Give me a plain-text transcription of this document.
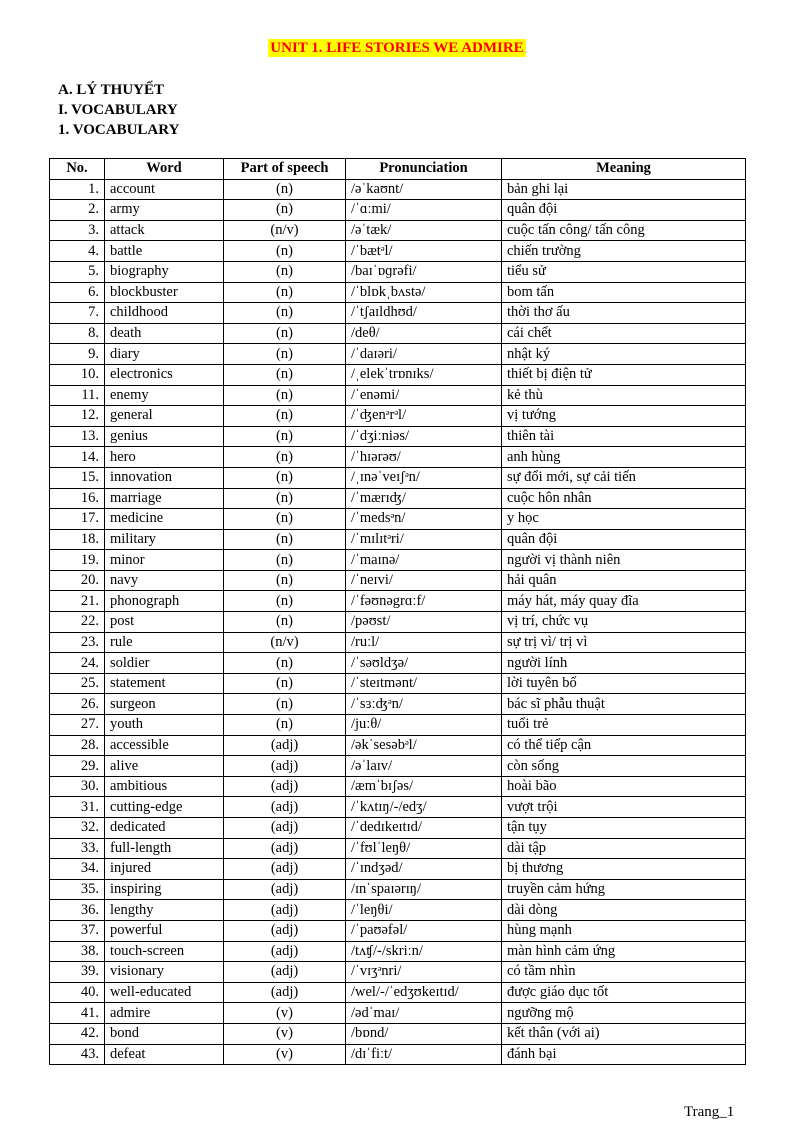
UNIT 1. LIFE STORIES WE ADMIRE
A. LÝ THUYẾT
I. VOCABULARY
1. VOCABULARY
No.	Word	Part of speech	Pronunciation	Meaning
1.	account	(n)	/əˈkaʊnt/	bản ghi lại
2.	army	(n)	/ˈɑːmi/	quân đội
3.	attack	(n/v)	/əˈtæk/	cuộc tấn công/ tấn công
4.	battle	(n)	/ˈbætᵊl/	chiến trường
5.	biography	(n)	/baɪˈɒɡrəfi/	tiểu sử
6.	blockbuster	(n)	/ˈblɒkˌbʌstə/	bom tấn
7.	childhood	(n)	/ˈtʃaɪldhʊd/	thời thơ ấu
8.	death	(n)	/deθ/	cái chết
9.	diary	(n)	/ˈdaɪəri/	nhật ký
10.	electronics	(n)	/ˌelekˈtrɒnɪks/	thiết bị điện tử
11.	enemy	(n)	/ˈenəmi/	kẻ thù
12.	general	(n)	/ˈʤenᵊrᵊl/	vị tướng
13.	genius	(n)	/ˈdʒiːniəs/	thiên tài
14.	hero	(n)	/ˈhɪərəʊ/	anh hùng
15.	innovation	(n)	/ˌɪnəˈveɪʃᵊn/	sự đổi mới, sự cải tiến
16.	marriage	(n)	/ˈmærɪʤ/	cuộc hôn nhân
17.	medicine	(n)	/ˈmedsᵊn/	y học
18.	military	(n)	/ˈmɪlɪtᵊri/	quân đội
19.	minor	(n)	/ˈmaɪnə/	người vị thành niên
20.	navy	(n)	/ˈneɪvi/	hải quân
21.	phonograph	(n)	/ˈfəʊnəgrɑːf/	máy hát, máy quay đĩa
22.	post	(n)	/pəʊst/	vị trí, chức vụ
23.	rule	(n/v)	/ruːl/	sự trị vì/ trị vì
24.	soldier	(n)	/ˈsəʊldʒə/	người lính
25.	statement	(n)	/ˈsteɪtmənt/	lời tuyên bố
26.	surgeon	(n)	/ˈsɜːʤᵊn/	bác sĩ phẫu thuật
27.	youth	(n)	/juːθ/	tuổi trẻ
28.	accessible	(adj)	/əkˈsesəbᵊl/	có thể tiếp cận
29.	alive	(adj)	/əˈlaɪv/	còn sống
30.	ambitious	(adj)	/æmˈbɪʃəs/	hoài bão
31.	cutting-edge	(adj)	/ˈkʌtɪŋ/-/edʒ/	vượt trội
32.	dedicated	(adj)	/ˈdedɪkeɪtɪd/	tận tụy
33.	full-length	(adj)	/ˈfʊlˈleŋθ/	dài tập
34.	injured	(adj)	/ˈɪndʒəd/	bị thương
35.	inspiring	(adj)	/ɪnˈspaɪərɪŋ/	truyền cảm hứng
36.	lengthy	(adj)	/ˈleŋθi/	dài dòng
37.	powerful	(adj)	/ˈpaʊəfəl/	hùng mạnh
38.	touch-screen	(adj)	/tʌʧ/-/skriːn/	màn hình cảm ứng
39.	visionary	(adj)	/ˈvɪʒᵊnri/	có tầm nhìn
40.	well-educated	(adj)	/wel/-/ˈedʒʊkeɪtɪd/	được giáo dục tốt
41.	admire	(v)	/ədˈmaɪ/	ngưỡng mộ
42.	bond	(v)	/bɒnd/	kết thân (với ai)
43.	defeat	(v)	/dɪˈfiːt/	đánh bại
Trang_1
